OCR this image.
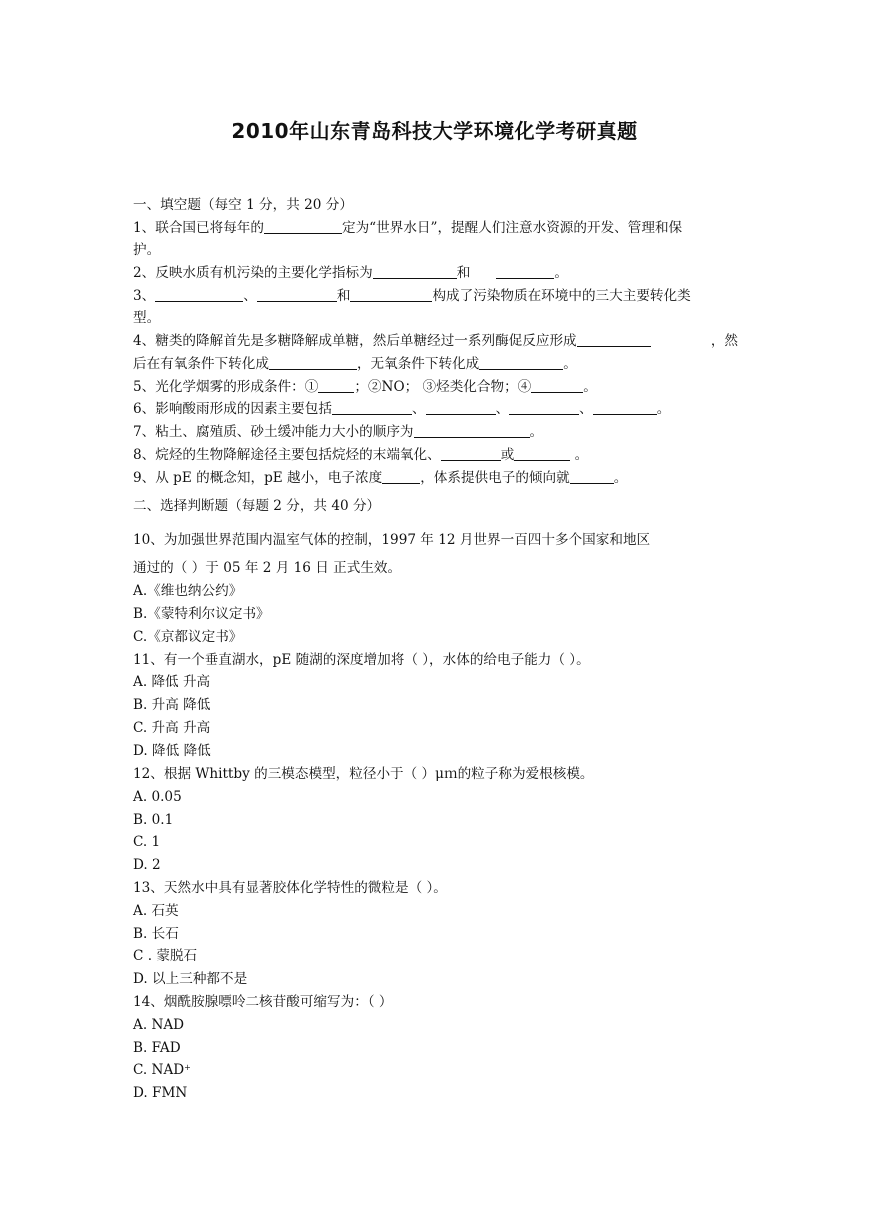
2010年山东青岛科技大学环境化学考研真题
一、填空题（每空 1 分，共 20 分）
1、联合国已将每年的	定为“世界水日”，提醒人们注意水资源的开发、管理和保
护。
2、反映水质有机污染的主要化学指标为	和	。
3、	、	和	构成了污染物质在环境中的三大主要转化类
型。
4、糖类的降解首先是多糖降解成单糖，然后单糖经过一系列酶促反应形成	，然
后在有氧条件下转化成	，无氧条件下转化成	。
5、光化学烟雾的形成条件：①	；②NO； ③烃类化合物；④	。
6、影响酸雨形成的因素主要包括	、	、	、	。
7、粘土、腐殖质、砂土缓冲能力大小的顺序为	。
8、烷烃的生物降解途径主要包括烷烃的末端氧化、	或	。
9、从 pE 的概念知，pE 越小，电子浓度	，体系提供电子的倾向就	。
二、选择判断题（每题 2 分，共 40 分）
10、为加强世界范围内温室气体的控制，1997 年 12 月世界一百四十多个国家和地区
通过的（ ）于 05 年 2 月 16 日 正式生效。
A.《维也纳公约》
B.《蒙特利尔议定书》
C.《京都议定书》
11、有一个垂直湖水，pE 随湖的深度增加将（ ），水体的给电子能力（ ）。
A. 降低 升高
B. 升高 降低
C. 升高 升高
D. 降低 降低
12、根据 Whittby 的三模态模型，粒径小于（ ）μｍ的粒子称为爱根核模。
A. 0.05
B. 0.1
C. 1
D. 2
13、天然水中具有显著胶体化学特性的微粒是（ ）。
A. 石英
B. 长石
C . 蒙脱石
D. 以上三种都不是
14、烟酰胺腺嘌呤二核苷酸可缩写为：（ ）
A. NAD
B. FAD
C. NAD+
D. FMN
